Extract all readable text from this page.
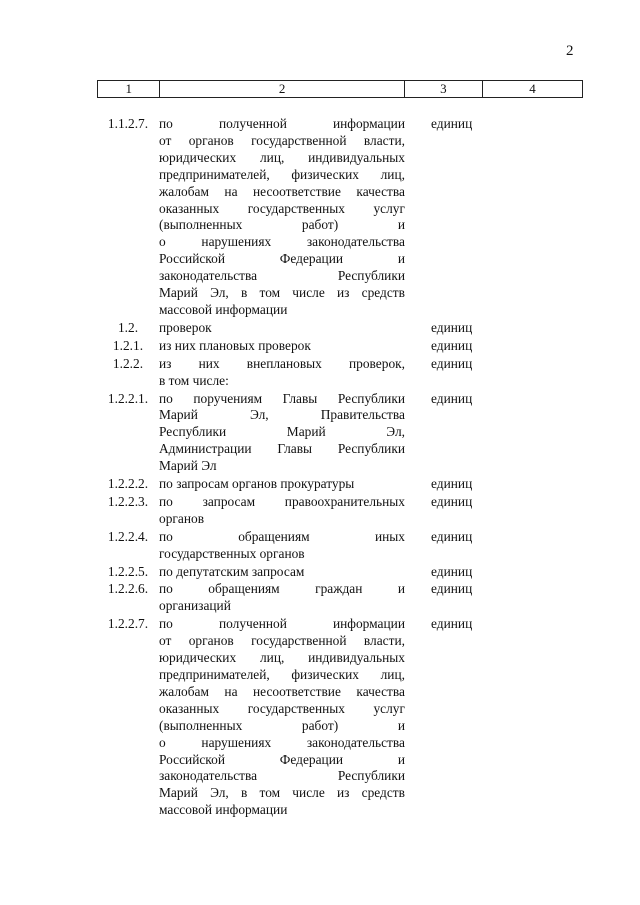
2
1	2	3	4
1.1.2.7. по полученной информации
от органов государственной власти,
юридических лиц, индивидуальных
предпринимателей, физических лиц,
жалобам на несоответствие качества
оказанных государственных услуг
(выполненных работ) и
о нарушениях законодательства
Российской Федерации и
законодательства Республики
Марий Эл, в том числе из средств
массовой информации
единиц
1.2.	проверок	единиц
1.2.1.	из них плановых проверок	единиц
1.2.2.	из них внеплановых проверок,
в том числе:
единиц
1.2.2.1. по поручениям Главы Республики
Марий Эл, Правительства
Республики Марий Эл,
Администрации Главы Республики
Марий Эл
единиц
1.2.2.2. по запросам органов прокуратуры	единиц
1.2.2.3. по запросам правоохранительных
органов
единиц
1.2.2.4. по обращениям иных
государственных органов
единиц
1.2.2.5. по депутатским запросам	единиц
1.2.2.6. по обращениям граждан и
организаций
единиц
1.2.2.7. по полученной информации
от органов государственной власти,
юридических лиц, индивидуальных
предпринимателей, физических лиц,
жалобам на несоответствие качества
оказанных государственных услуг
(выполненных работ) и
о нарушениях законодательства
Российской Федерации и
законодательства Республики
Марий Эл, в том числе из средств
массовой информации
единиц
